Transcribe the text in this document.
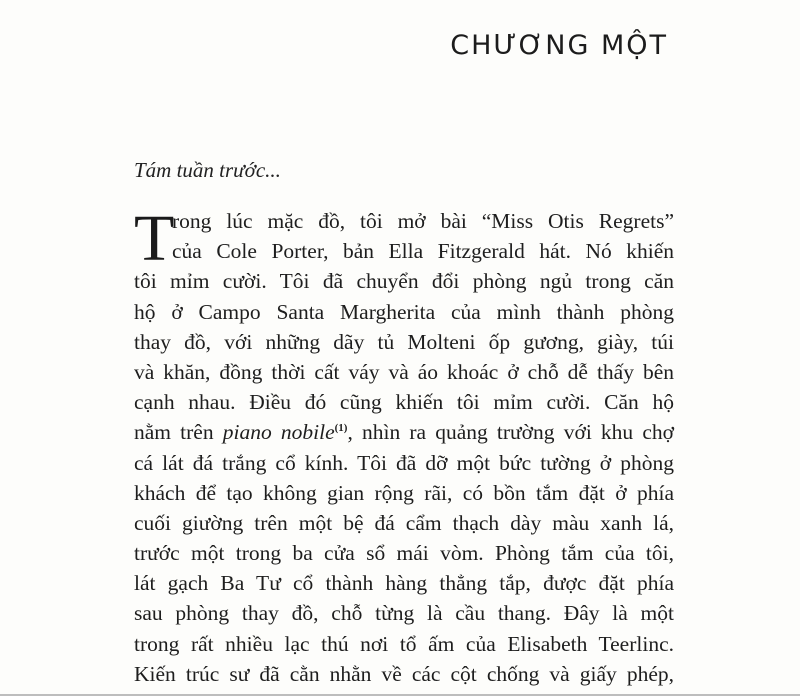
CHƯƠNG MỘT

Tám tuần trước...

T
rong lúc mặc đồ, tôi mở bài “Miss Otis Regrets”
của Cole Porter, bản Ella Fitzgerald hát. Nó khiến
tôi mỉm cười. Tôi đã chuyển đổi phòng ngủ trong căn
hộ ở Campo Santa Margherita của mình thành phòng
thay đồ, với những dãy tủ Molteni ốp gương, giày, túi
và khăn, đồng thời cất váy và áo khoác ở chỗ dễ thấy bên
cạnh nhau. Điều đó cũng khiến tôi mỉm cười. Căn hộ
nằm trên piano nobile$^{(1)}$, nhìn ra quảng trường với khu chợ
cá lát đá trắng cổ kính. Tôi đã dỡ một bức tường ở phòng
khách để tạo không gian rộng rãi, có bồn tắm đặt ở phía
cuối giường trên một bệ đá cẩm thạch dày màu xanh lá,
trước một trong ba cửa sổ mái vòm. Phòng tắm của tôi,
lát gạch Ba Tư cổ thành hàng thẳng tắp, được đặt phía
sau phòng thay đồ, chỗ từng là cầu thang. Đây là một
trong rất nhiều lạc thú nơi tổ ấm của Elisabeth Teerlinc.
Kiến trúc sư đã cằn nhằn về các cột chống và giấy phép,
